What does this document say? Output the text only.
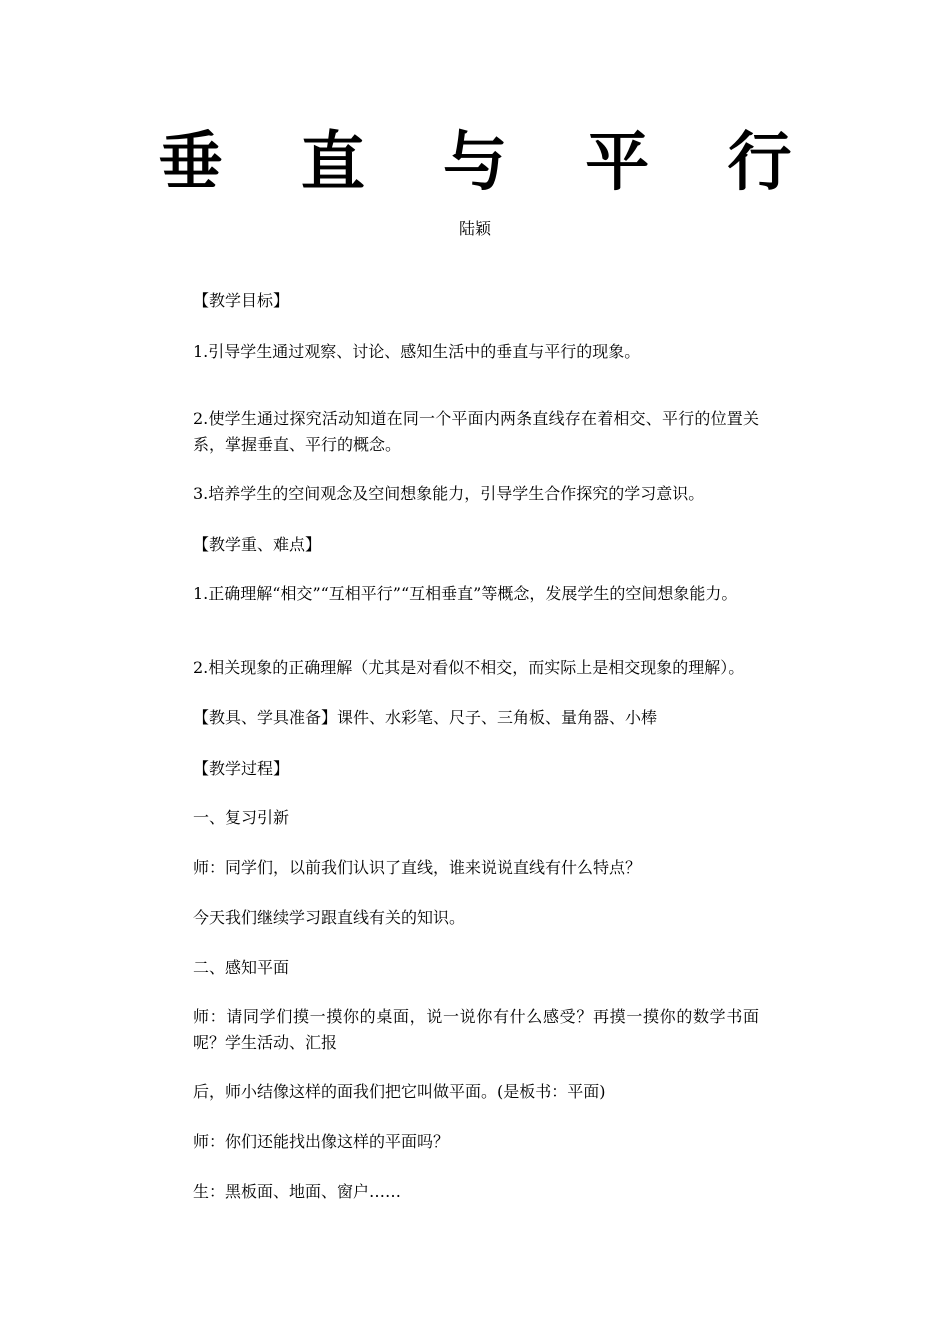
垂 直 与 平 行
陆颖
【教学目标】
1.引导学生通过观察、讨论、感知生活中的垂直与平行的现象。
2.使学生通过探究活动知道在同一个平面内两条直线存在着相交、平行的位置关系，掌握垂直、平行的概念。
3.培养学生的空间观念及空间想象能力，引导学生合作探究的学习意识。
【教学重、难点】
1.正确理解“相交”“互相平行”“互相垂直”等概念，发展学生的空间想象能力。
2.相关现象的正确理解（尤其是对看似不相交，而实际上是相交现象的理解）。
【教具、学具准备】课件、水彩笔、尺子、三角板、量角器、小棒
【教学过程】
一、复习引新
师：同学们，以前我们认识了直线，谁来说说直线有什么特点？
今天我们继续学习跟直线有关的知识。
二、感知平面
师：请同学们摸一摸你的桌面，说一说你有什么感受？再摸一摸你的数学书面呢？学生活动、汇报
后，师小结像这样的面我们把它叫做平面。(是板书：平面)
师：你们还能找出像这样的平面吗？
生：黑板面、地面、窗户……
